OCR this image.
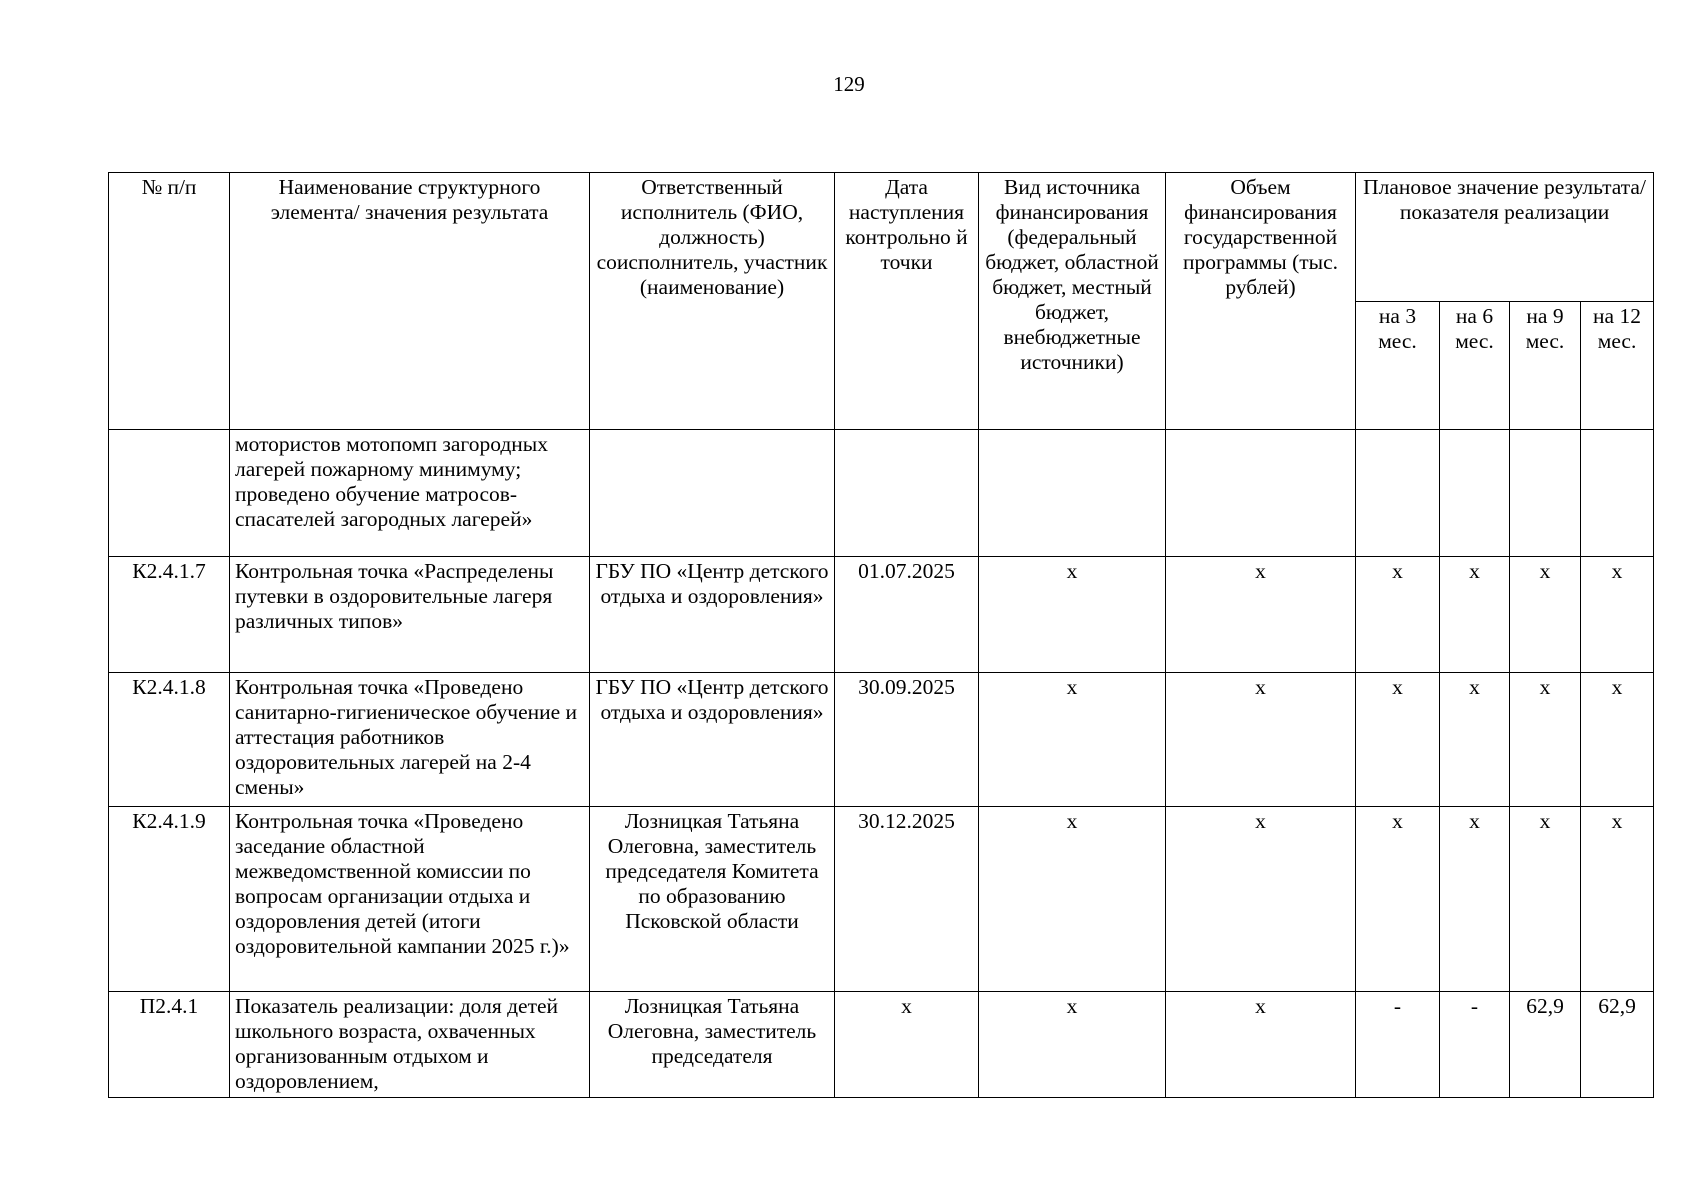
129
№ п/п	Наименование структурного элемента/ значения результата	Ответственный исполнитель (ФИО, должность) соисполнитель, участник (наименование)	Дата наступления контрольно й точки	Вид источника финансирования (федеральный бюджет, областной бюджет, местный бюджет, внебюджетные источники)	Объем финансирования государственной программы (тыс. рублей)	Плановое значение результата/показателя реализации			
						на 3 мес.	на 6 мес.	на 9 мес.	на 12 мес.
	мотористов мотопомп загородных лагерей пожарному минимуму; проведено обучение матросов-спасателей загородных лагерей»								
К2.4.1.7	Контрольная точка «Распределены путевки в оздоровительные лагеря различных типов»	ГБУ ПО «Центр детского отдыха и оздоровления»	01.07.2025	х	х	х	х	х	х
К2.4.1.8	Контрольная точка «Проведено санитарно-гигиеническое обучение и аттестация работников оздоровительных лагерей на 2-4 смены»	ГБУ ПО «Центр детского отдыха и оздоровления»	30.09.2025	х	х	х	х	х	х
К2.4.1.9	Контрольная точка «Проведено заседание областной межведомственной комиссии по вопросам организации отдыха и оздоровления детей (итоги оздоровительной кампании 2025 г.)»	Лозницкая Татьяна Олеговна, заместитель председателя Комитета по образованию Псковской области	30.12.2025	х	х	х	х	х	х
П2.4.1	Показатель реализации: доля детей школьного возраста, охваченных организованным отдыхом и оздоровлением,	Лозницкая Татьяна Олеговна, заместитель председателя	х	х	х	-	-	62,9	62,9
